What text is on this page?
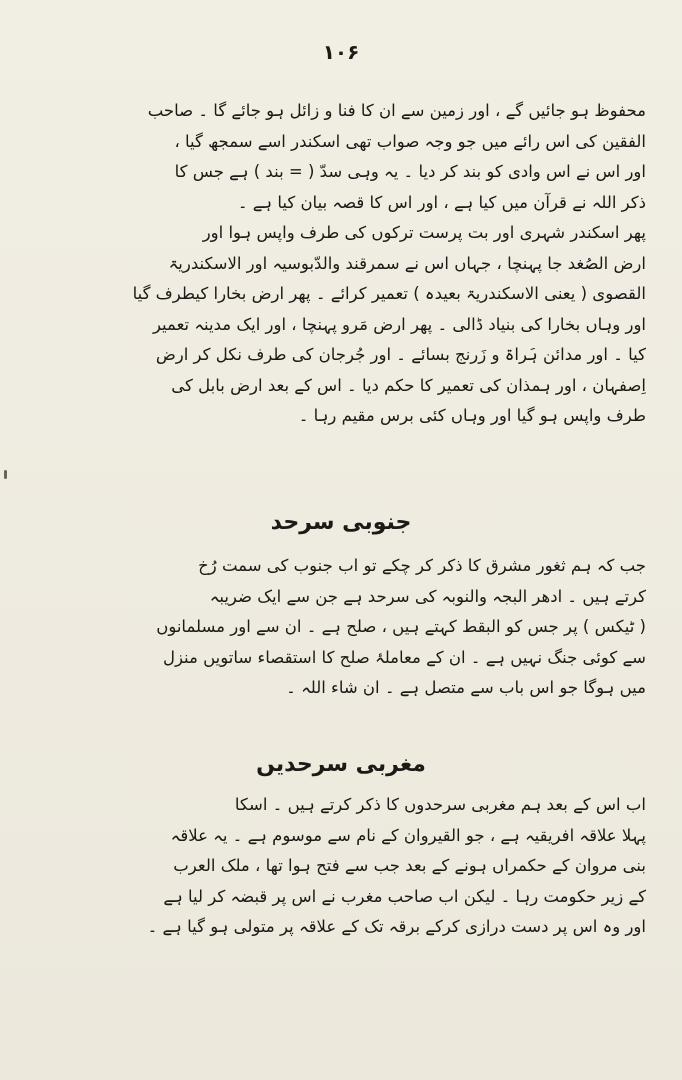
۱۰۶
محفوظ ہو جائیں گے ، اور زمین سے ان کا فنا و زائل ہو جائے گا ۔ صاحب
الفقین کی اس رائے میں جو وجہ صواب تھی اسکندر اسے سمجھ گیا ،
اور اس نے اس وادی کو بند کر دیا ۔ یہ وہی سدّ ( = بند ) ہے جس کا
ذکر اللہ نے قرآن میں کیا ہے ، اور اس کا قصہ بیان کیا ہے ۔
پھر اسکندر شہری اور بت پرست ترکوں کی طرف واپس ہوا اور
ارض الصُغد جا پہنچا ، جہاں اس نے سمرقند والدّبوسیہ اور الاسکندریۃ
القصوی ( یعنی الاسکندریۃ بعیدہ ) تعمیر کرائے ۔ پھر ارض بخارا کیطرف گیا
اور وہاں بخارا کی بنیاد ڈالی ۔ پھر ارض مَرو پہنچا ، اور ایک مدینہ تعمیر
کیا ۔ اور مدائن ہَراۃ و زَرنج بسائے ۔ اور جُرجان کی طرف نکل کر ارض
اِصفہان ، اور ہمذان کی تعمیر کا حکم دیا ۔ اس کے بعد ارض بابل کی
طرف واپس ہو گیا اور وہاں کئی برس مقیم رہا ۔
جنوبی سرحد
جب کہ ہم ثغور مشرق کا ذکر کر چکے تو اب جنوب کی سمت رُخ
کرتے ہیں ۔ ادھر البجہ والنوبہ کی سرحد ہے جن سے ایک ضریبہ
( ٹیکس ) پر جس کو البقط کہتے ہیں ، صلح ہے ۔ ان سے اور مسلمانوں
سے کوئی جنگ نہیں ہے ۔ ان کے معاملۂ صلح کا استقصاء ساتویں منزل
میں ہوگا جو اس باب سے متصل ہے ۔ ان شاء اللہ ۔
مغربی سرحدیں
اب اس کے بعد ہم مغربی سرحدوں کا ذکر کرتے ہیں ۔ اسکا
پہلا علاقہ افریقیہ ہے ، جو القیروان کے نام سے موسوم ہے ۔ یہ علاقہ
بنی مروان کے حکمراں ہونے کے بعد جب سے فتح ہوا تھا ، ملک العرب
کے زیر حکومت رہا ۔ لیکن اب صاحب مغرب نے اس پر قبضہ کر لیا ہے
اور وہ اس پر دست درازی کرکے برقہ تک کے علاقہ پر متولی ہو گیا ہے ۔
